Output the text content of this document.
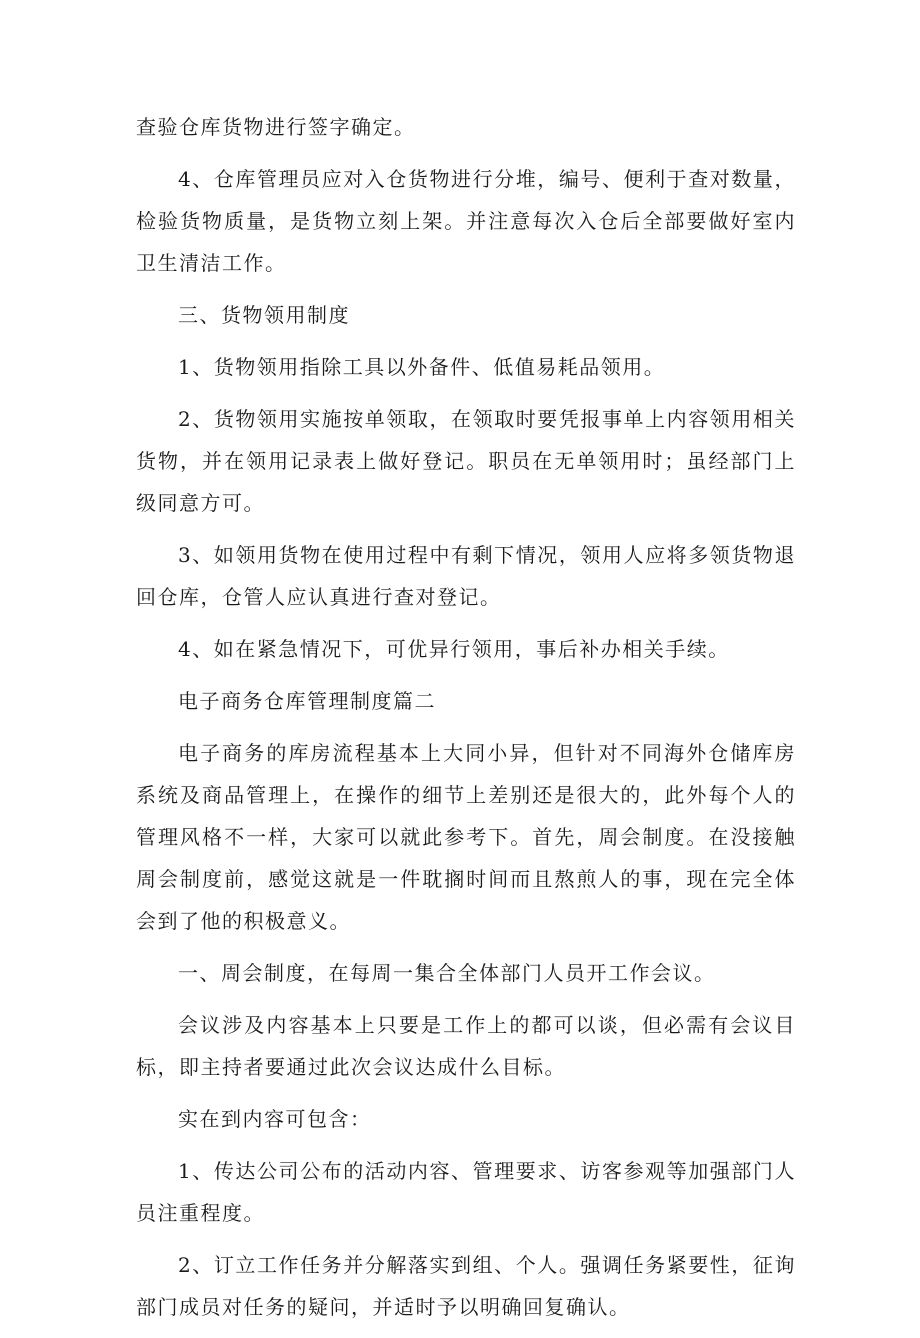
查验仓库货物进行签字确定。

4、仓库管理员应对入仓货物进行分堆，编号、便利于查对数量，检验货物质量，是货物立刻上架。并注意每次入仓后全部要做好室内卫生清洁工作。

三、货物领用制度

1、货物领用指除工具以外备件、低值易耗品领用。

2、货物领用实施按单领取，在领取时要凭报事单上内容领用相关货物，并在领用记录表上做好登记。职员在无单领用时；虽经部门上级同意方可。

3、如领用货物在使用过程中有剩下情况，领用人应将多领货物退回仓库，仓管人应认真进行查对登记。

4、如在紧急情况下，可优异行领用，事后补办相关手续。

电子商务仓库管理制度篇二

电子商务的库房流程基本上大同小异，但针对不同海外仓储库房系统及商品管理上，在操作的细节上差别还是很大的，此外每个人的管理风格不一样，大家可以就此参考下。首先，周会制度。在没接触周会制度前，感觉这就是一件耽搁时间而且熬煎人的事，现在完全体会到了他的积极意义。

一、周会制度，在每周一集合全体部门人员开工作会议。

会议涉及内容基本上只要是工作上的都可以谈，但必需有会议目标，即主持者要通过此次会议达成什么目标。

实在到内容可包含：

1、传达公司公布的活动内容、管理要求、访客参观等加强部门人员注重程度。

2、订立工作任务并分解落实到组、个人。强调任务紧要性，征询部门成员对任务的疑问，并适时予以明确回复确认。
